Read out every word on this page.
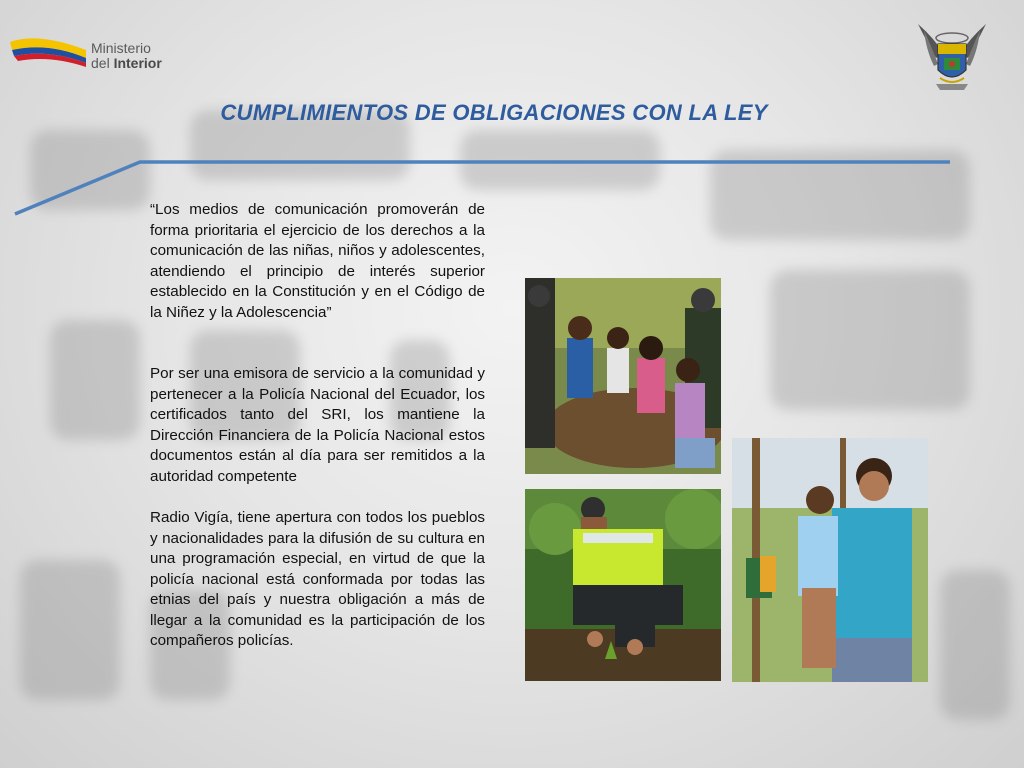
Ministerio
del Interior
CUMPLIMIENTOS DE OBLIGACIONES CON LA LEY

“Los medios de comunicación promoverán de forma prioritaria el ejercicio de los derechos a la comunicación de las niñas, niños y adolescentes, atendiendo el principio de interés superior establecido en la Constitución y en el Código de la Niñez y la Adolescencia”

Por ser una emisora de servicio a la comunidad y pertenecer a la Policía Nacional del Ecuador, los certificados tanto del SRI, los mantiene la Dirección Financiera de la Policía Nacional estos documentos están al día para ser remitidos a la autoridad competente

Radio Vigía, tiene apertura con todos los pueblos y nacionalidades para la difusión de su cultura en una programación especial, en virtud de que la policía nacional está conformada por todas las etnias del país y nuestra obligación a más de llegar a la comunidad es la participación de los compañeros policías.
